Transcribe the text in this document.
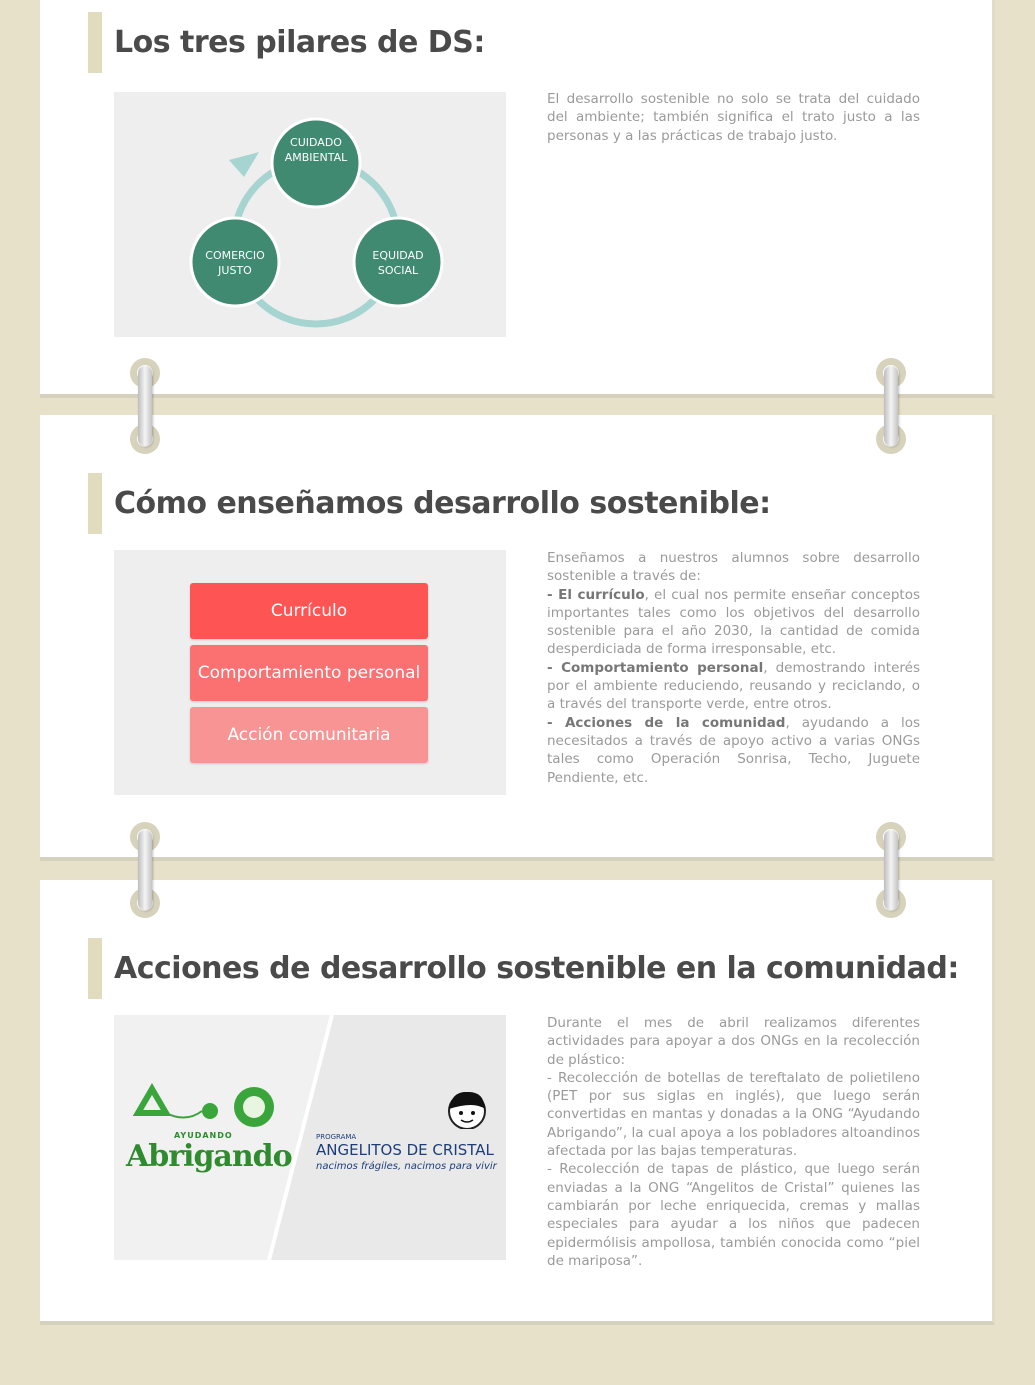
Los tres pilares de DS:
CUIDADO
AMBIENTAL
COMERCIO
JUSTO
EQUIDAD
SOCIAL

El desarrollo sostenible no solo se trata del cuidado del ambiente; también significa el trato justo a las personas y a las prácticas de trabajo justo.

Cómo enseñamos desarrollo sostenible:
Currículo
Comportamiento personal
Acción comunitaria

Enseñamos a nuestros alumnos sobre desarrollo sostenible a través de:

- El currículo, el cual nos permite enseñar conceptos importantes tales como los objetivos del desarrollo sostenible para el año 2030, la cantidad de comida desperdiciada de forma irresponsable, etc.

- Comportamiento personal, demostrando interés por el ambiente reduciendo, reusando y reciclando, o a través del transporte verde, entre otros.

- Acciones de la comunidad, ayudando a los necesitados a través de apoyo activo a varias ONGs tales como Operación Sonrisa, Techo, Juguete Pendiente, etc.

Acciones de desarrollo sostenible en la comunidad:
AYUDANDO
Abrigando
PROGRAMA
ANGELITOS DE CRISTAL
nacimos frágiles, nacimos para vivir

Durante el mes de abril realizamos diferentes actividades para apoyar a dos ONGs en la recolección de plástico:

- Recolección de botellas de tereftalato de polietileno (PET por sus siglas en inglés), que luego serán convertidas en mantas y donadas a la ONG “Ayudando Abrigando”, la cual apoya a los pobladores altoandinos afectada por las bajas temperaturas.

- Recolección de tapas de plástico, que luego serán enviadas a la ONG “Angelitos de Cristal” quienes las cambiarán por leche enriquecida, cremas y mallas especiales para ayudar a los niños que padecen epidermólisis ampollosa, también conocida como “piel de mariposa”.
